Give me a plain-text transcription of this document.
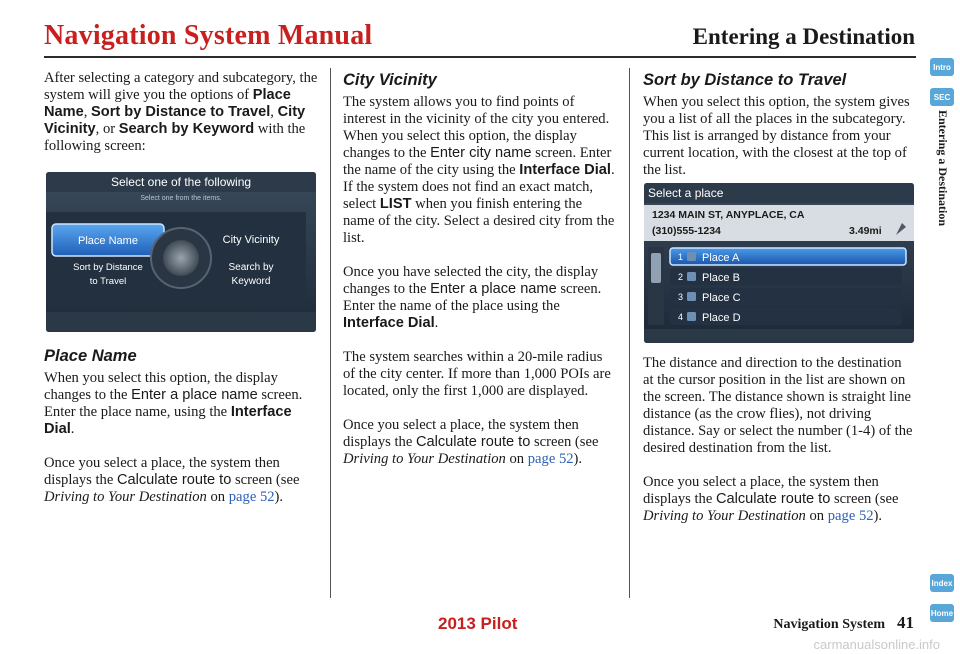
Navigation System Manual	Entering a Destination

After selecting a category and subcategory, the system will give you the options of Place Name, Sort by Distance to Travel, City Vicinity, or Search by Keyword with the following screen:

Select one of the following
Select one from the items.
Place Name	City Vicinity
Sort by Distance
to Travel
Search by
Keyword
Place Name

When you select this option, the display changes to the Enter a place name screen. Enter the place name, using the Interface Dial.

Once you select a place, the system then displays the Calculate route to screen (see Driving to Your Destination on page 52).

City Vicinity

The system allows you to find points of interest in the vicinity of the city you entered. When you select this option, the display changes to the Enter city name screen. Enter the name of the city using the Interface Dial. If the system does not find an exact match, select LIST when you finish entering the name of the city. Select a desired city from the list.

Once you have selected the city, the display changes to the Enter a place name screen. Enter the name of the place using the Interface Dial.

The system searches within a 20-mile radius of the city center. If more than 1,000 POIs are located, only the first 1,000 are displayed.

Once you select a place, the system then displays the Calculate route to screen (see Driving to Your Destination on page 52).

Sort by Distance to Travel

When you select this option, the system gives you a list of all the places in the subcategory. This list is arranged by distance from your current location, with the closest at the top of the list.

Select a place
1234 MAIN ST, ANYPLACE, CA
(310)555-1234	3.49mi
1 Place A
2 Place B
3 Place C
4 Place D

The distance and direction to the destination at the cursor position in the list are shown on the screen. The distance shown is straight line distance (as the crow flies), not driving distance. Say or select the number (1-4) of the desired destination from the list.

Once you select a place, the system then displays the Calculate route to screen (see Driving to Your Destination on page 52).

Intro
SEC
Entering a Destination
Index
Home
Navigation System 41
2013 Pilot
carmanualsonline.info
